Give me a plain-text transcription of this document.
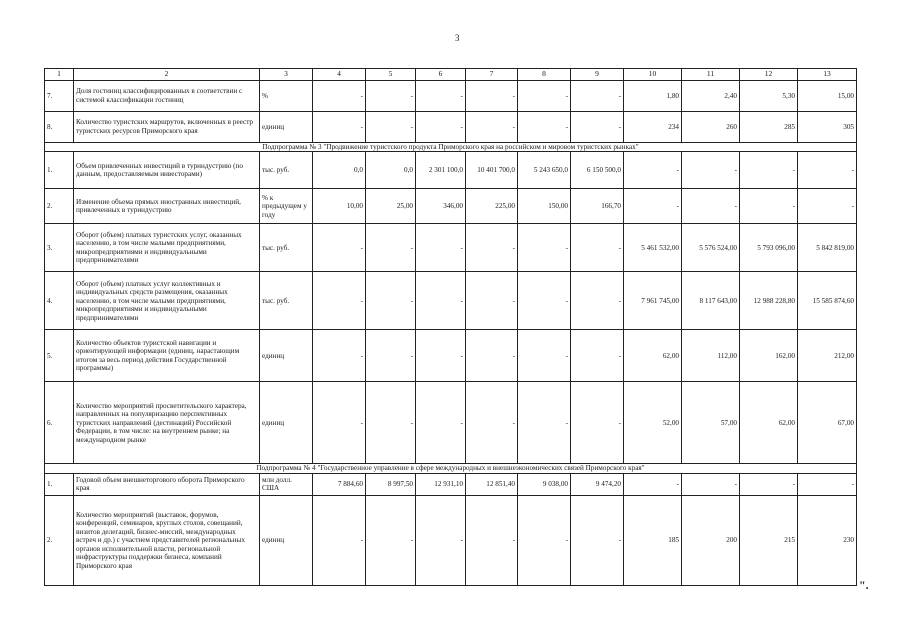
3
1	2	3	4	5	6	7	8	9	10	11	12	13
7.	Доля гостиниц классифицированных в соответствии с системой классификации гостиниц	%	-	-	-	-	-	-	1,80	2,40	5,30	15,00
8.	Количество туристских маршрутов, включенных в реестр туристских ресурсов Приморского края	единиц	-	-	-	-	-	-	234	260	285	305
Подпрограмма № 3 "Продвижение туристского продукта Приморского края на российском и мировом туристских рынках"												
1.	Объем привлеченных инвестиций в туриндустрию (по данным, предоставляемым инвесторами)	тыс. руб.	0,0	0,0	2 301 100,0	10 401 700,0	5 243 650,0	6 150 500,0	-	-	-	-
2.	Изменение объема прямых иностранных инвестиций, привлеченных в туриндустрию	% к предыдущем у году	10,00	25,00	346,00	225,00	150,00	166,70	-	-	-	-
3.	Оборот (объем) платных туристских услуг, оказанных населению, в том числе малыми предприятиями, микропредприятиями и индивидуальными предпринимателями	тыс. руб.	-	-	-	-	-	-	5 461 532,00	5 576 524,00	5 793 096,00	5 842 819,00
4.	Оборот (объем) платных услуг коллективных и индивидуальных средств размещения, оказанных населению, в том числе малыми предприятиями, микропредприятиями и индивидуальными предпринимателями	тыс. руб.	-	-	-	-	-	-	7 961 745,00	8 117 643,00	12 988 228,80	15 585 874,60
5.	Количество объектов туристской навигации и ориентирующей информации (единиц, нарастающим итогом за весь период действия Государственной программы)	единиц	-	-	-	-	-	-	62,00	112,00	162,00	212,00
6.	Количество мероприятий просветительского характера, направленных на популяризацию перспективных туристских направлений (дестинаций) Российской Федерации, в том числе: на внутреннем рынке; на международном рынке	единиц	-	-	-	-	-	-	52,00	57,00	62,00	67,00
Подпрограмма № 4 "Государственное управление в сфере международных и внешнеэкономических связей Приморского края"												
1.	Годовой объем внешнеторгового оборота Приморского края	млн долл. США	7 884,60	8 997,50	12 931,10	12 851,40	9 038,00	9 474,20	-	-	-	-
2.	Количество мероприятий (выставок, форумов, конференций, семинаров, круглых столов, совещаний, визитов делегаций, бизнес-миссий, международных встреч и др.) с участием представителей региональных органов исполнительной власти, региональной инфраструктуры поддержки бизнеса, компаний Приморского края	единиц	-	-	-	-	-	-	185	200	215	230
".
